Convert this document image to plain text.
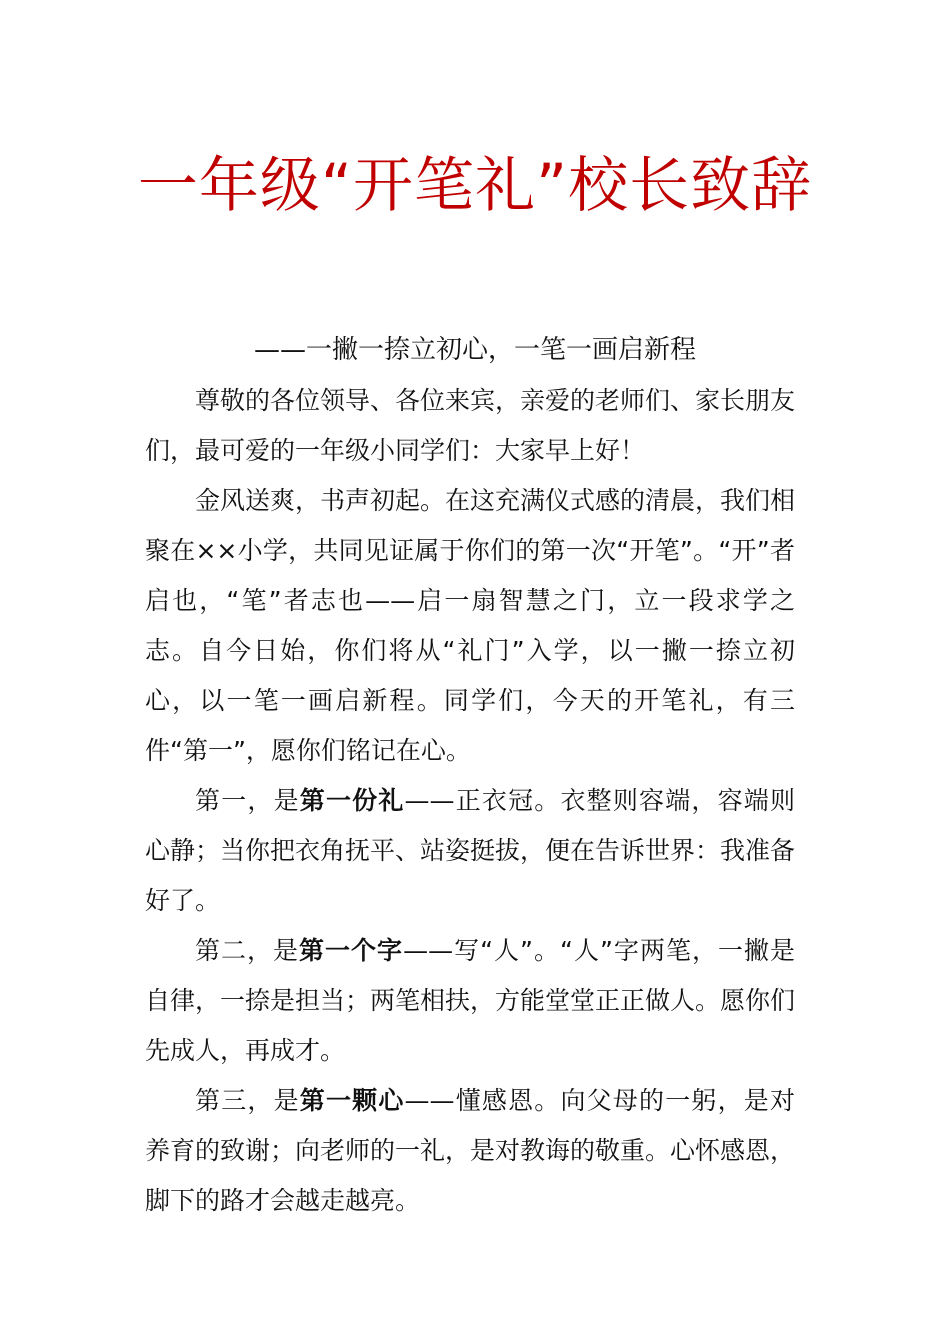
一年级“开笔礼”校长致辞

——一撇一捺立初心，一笔一画启新程

尊敬的各位领导、各位来宾，亲爱的老师们、家长朋友们，最可爱的一年级小同学们：大家早上好！

金风送爽，书声初起。在这充满仪式感的清晨，我们相聚在××小学，共同见证属于你们的第一次“开笔”。“开”者启也，“笔”者志也——启一扇智慧之门，立一段求学之志。自今日始，你们将从“礼门”入学，以一撇一捺立初心，以一笔一画启新程。同学们，今天的开笔礼，有三件“第一”，愿你们铭记在心。

第一，是第一份礼——正衣冠。衣整则容端，容端则心静；当你把衣角抚平、站姿挺拔，便在告诉世界：我准备好了。

第二，是第一个字——写“人”。“人”字两笔，一撇是自律，一捺是担当；两笔相扶，方能堂堂正正做人。愿你们先成人，再成才。

第三，是第一颗心——懂感恩。向父母的一躬，是对养育的致谢；向老师的一礼，是对教诲的敬重。心怀感恩，脚下的路才会越走越亮。
